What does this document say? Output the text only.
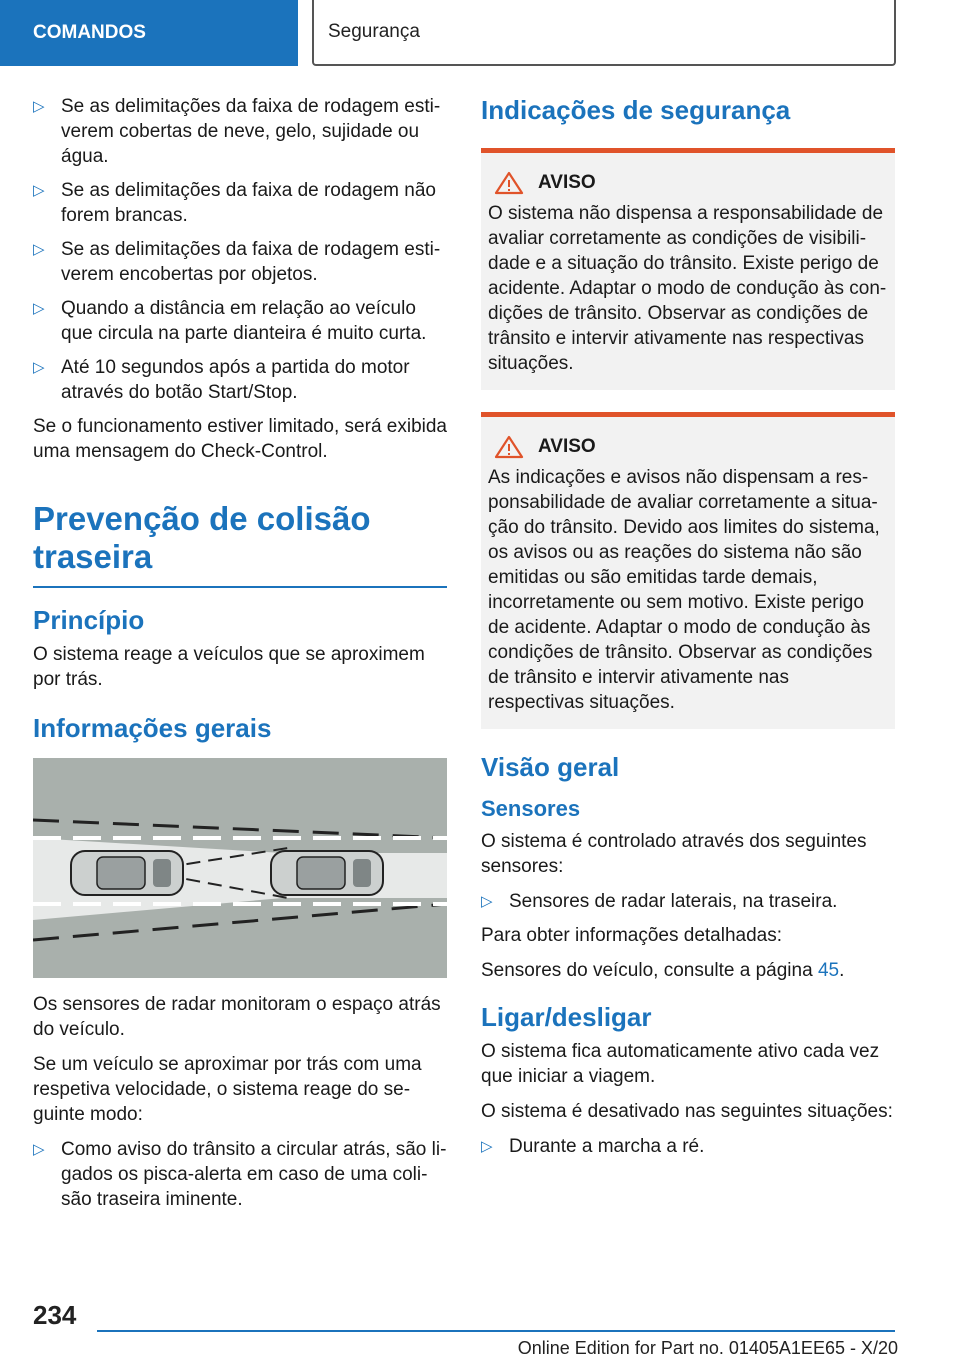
COMANDOS	Segurança
▷ Se as delimitações da faixa de rodagem estiverem cobertas de neve, gelo, sujidade ou água.
▷ Se as delimitações da faixa de rodagem não forem brancas.
▷ Se as delimitações da faixa de rodagem estiverem encobertas por objetos.
▷ Quando a distância em relação ao veículo que circula na parte dianteira é muito curta.
▷ Até 10 segundos após a partida do motor através do botão Start/Stop.

Se o funcionamento estiver limitado, será exibida uma mensagem do Check-Control.

Prevenção de colisão traseira
Princípio

O sistema reage a veículos que se aproximem por trás.

Informações gerais

Os sensores de radar monitoram o espaço atrás do veículo.

Se um veículo se aproximar por trás com uma respetiva velocidade, o sistema reage do seguinte modo:

▷ Como aviso do trânsito a circular atrás, são ligados os pisca-alerta em caso de uma colisão traseira iminente.
Indicações de segurança
AVISO

O sistema não dispensa a responsabilidade de avaliar corretamente as condições de visibilidade e a situação do trânsito. Existe perigo de acidente. Adaptar o modo de condução às condições de trânsito. Observar as condições de trânsito e intervir ativamente nas respectivas situações.

AVISO

As indicações e avisos não dispensam a responsabilidade de avaliar corretamente a situação do trânsito. Devido aos limites do sistema, os avisos ou as reações do sistema não são emitidas ou são emitidas tarde demais, incorretamente ou sem motivo. Existe perigo de acidente. Adaptar o modo de condução às condições de trânsito. Observar as condições de trânsito e intervir ativamente nas respectivas situações.

Visão geral
Sensores

O sistema é controlado através dos seguintes sensores:

▷ Sensores de radar laterais, na traseira.

Para obter informações detalhadas:

Sensores do veículo, consulte a página 45.

Ligar/desligar

O sistema fica automaticamente ativo cada vez que iniciar a viagem.

O sistema é desativado nas seguintes situações:

▷ Durante a marcha a ré.
234
Online Edition for Part no. 01405A1EE65 - X/20
